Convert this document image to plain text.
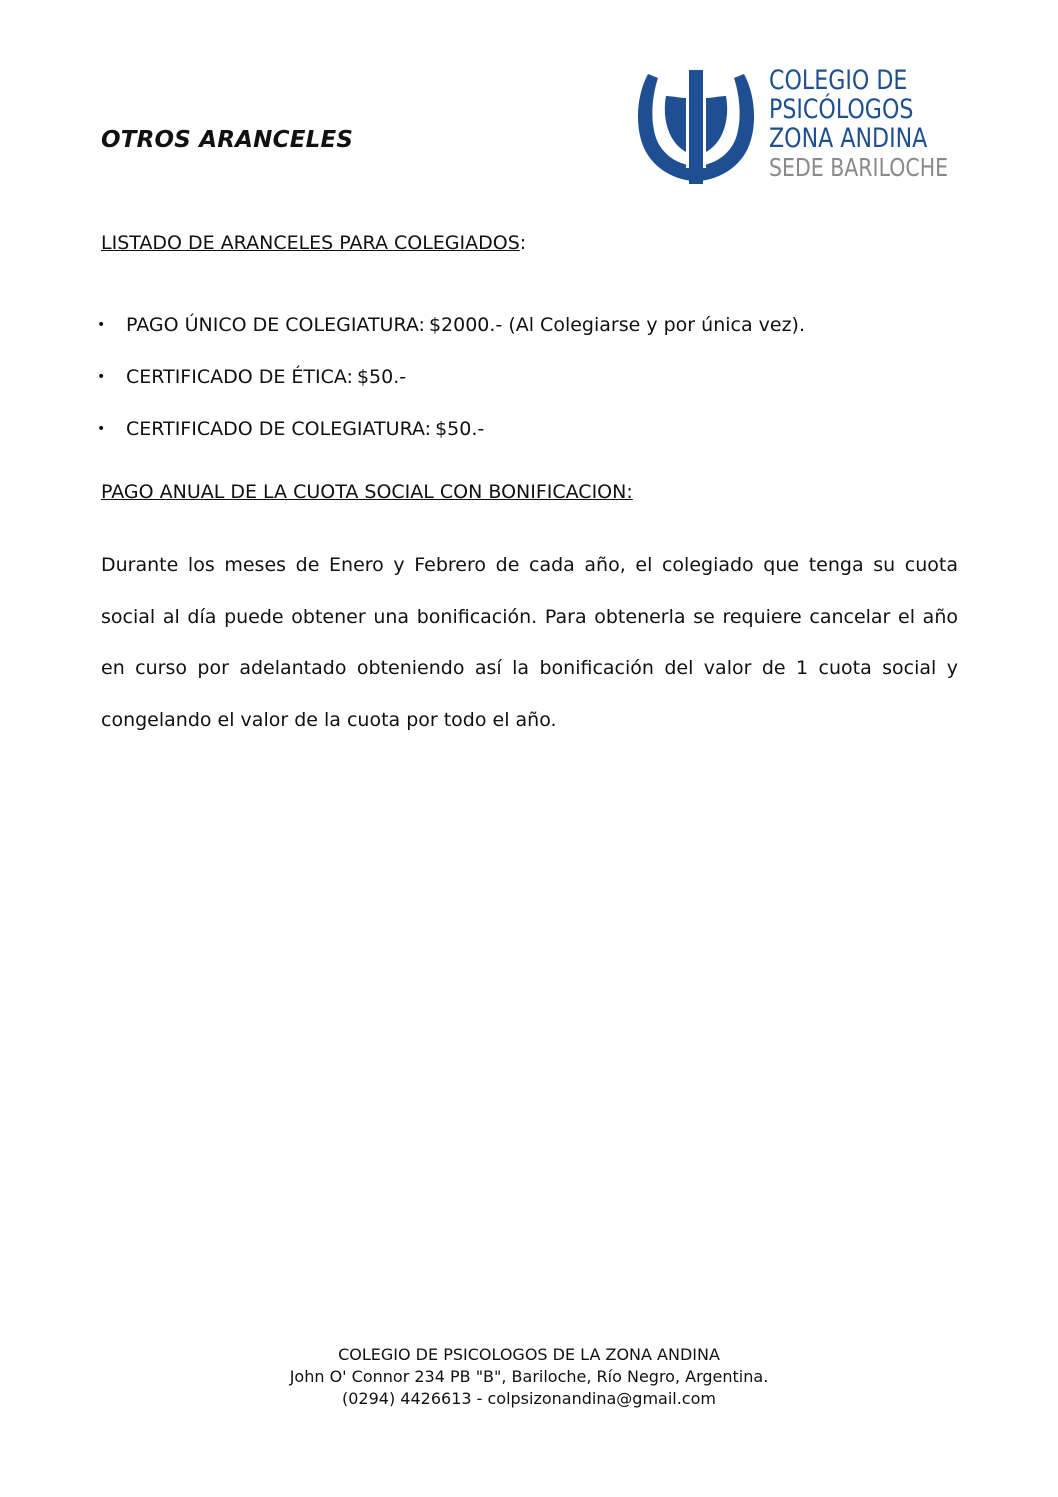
OTROS ARANCELES
COLEGIO DE
PSICÓLOGOS
ZONA ANDINA
SEDE BARILOCHE
LISTADO DE ARANCELES PARA COLEGIADOS:
• PAGO ÚNICO DE COLEGIATURA: $2000.- (Al Colegiarse y por única vez).
• CERTIFICADO DE ÉTICA: $50.-
• CERTIFICADO DE COLEGIATURA: $50.-
PAGO ANUAL DE LA CUOTA SOCIAL CON BONIFICACION:

Durante los meses de Enero y Febrero de cada año, el colegiado que tenga su cuota social al día puede obtener una bonificación. Para obtenerla se requiere cancelar el año en curso por adelantado obteniendo así la bonificación del valor de 1 cuota social y congelando el valor de la cuota por todo el año.

COLEGIO DE PSICOLOGOS DE LA ZONA ANDINA
John O' Connor 234 PB "B", Bariloche, Río Negro, Argentina.
(0294) 4426613 - colpsizonandina@gmail.com
